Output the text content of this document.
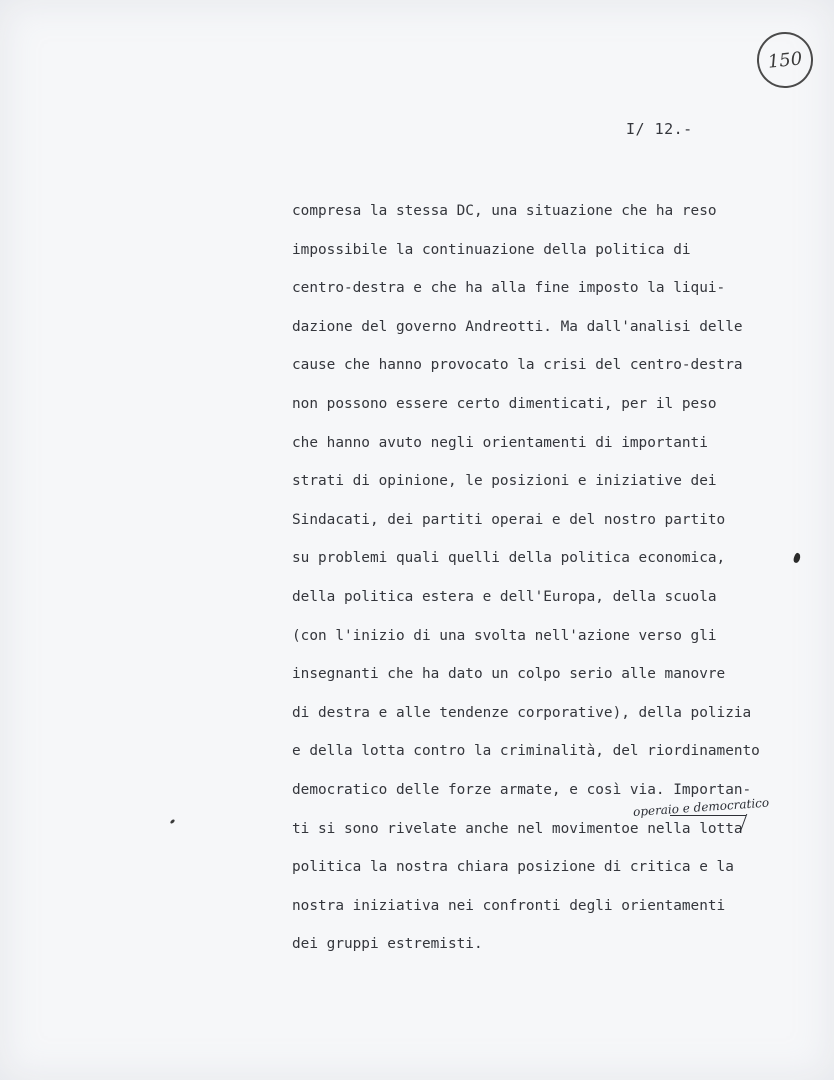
150
I/ 12.-
compresa la stessa DC, una situazione che ha reso
impossibile la continuazione della politica di
centro-destra e che ha alla fine imposto la liqui-
dazione del governo Andreotti. Ma dall'analisi delle
cause che hanno provocato la crisi del centro-destra
non possono essere certo dimenticati, per il peso
che hanno avuto negli orientamenti di importanti
strati di opinione, le posizioni e iniziative dei
Sindacati, dei partiti operai e del nostro partito
su problemi quali quelli della politica economica,
della politica estera e dell'Europa, della scuola
(con l'inizio di una svolta nell'azione verso gli
insegnanti che ha dato un colpo serio alle manovre
di destra e alle tendenze corporative), della polizia
e della lotta contro la criminalità, del riordinamento
democratico delle forze armate, e così via. Importan-
ti si sono rivelate anche nel movimento
operaio e democratico
e nella lotta
politica la nostra chiara posizione di critica e la
nostra iniziativa nei confronti degli orientamenti
dei gruppi estremisti.
